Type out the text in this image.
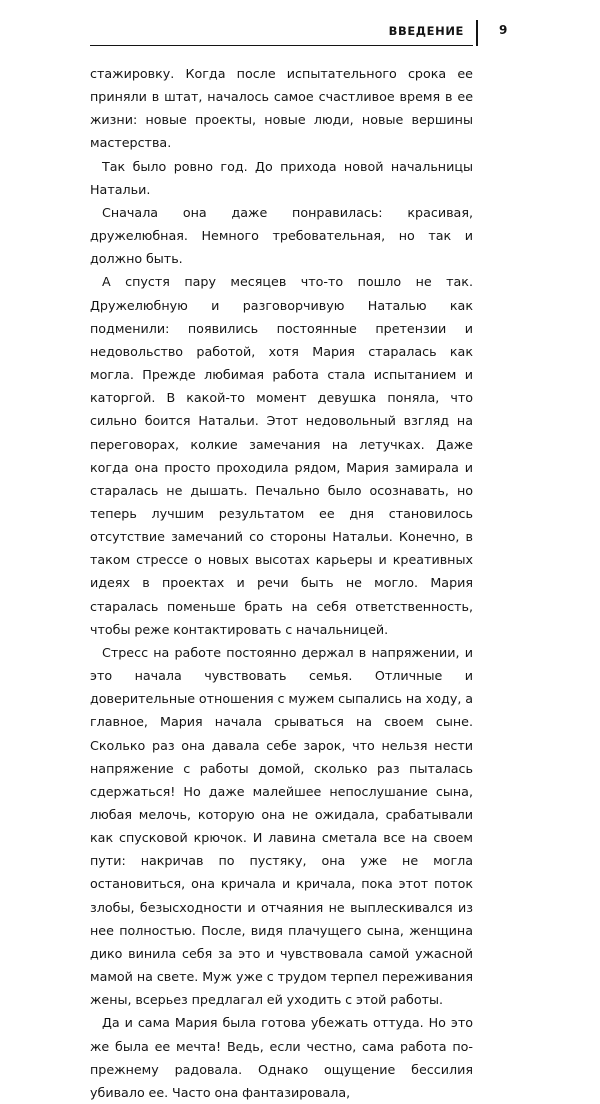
ВВЕДЕНИЕ	9

стажировку. Когда после испытательного срока ее приняли в штат, началось самое счастливое время в ее жизни: новые проекты, новые люди, новые вершины мастерства.

Так было ровно год. До прихода новой начальницы Натальи.

Сначала она даже понравилась: красивая, дружелюбная. Немного требовательная, но так и должно быть.

А спустя пару месяцев что-то пошло не так. Дружелюбную и разговорчивую Наталью как подменили: появились постоянные претензии и недовольство работой, хотя Мария старалась как могла. Прежде любимая работа стала испытанием и каторгой. В какой-то момент девушка поняла, что сильно боится Натальи. Этот недовольный взгляд на переговорах, колкие замечания на летучках. Даже когда она просто проходила рядом, Мария замирала и старалась не дышать. Печально было осознавать, но теперь лучшим результатом ее дня становилось отсутствие замечаний со стороны Натальи. Конечно, в таком стрессе о новых высотах карьеры и креативных идеях в проектах и речи быть не могло. Мария старалась поменьше брать на себя ответственность, чтобы реже контактировать с начальницей.

Стресс на работе постоянно держал в напряжении, и это начала чувствовать семья. Отличные и доверительные отношения с мужем сыпались на ходу, а главное, Мария начала срываться на своем сыне. Сколько раз она давала себе зарок, что нельзя нести напряжение с работы домой, сколько раз пыталась сдержаться! Но даже малейшее непослушание сына, любая мелочь, которую она не ожидала, срабатывали как спусковой крючок. И лавина сметала все на своем пути: накричав по пустяку, она уже не могла остановиться, она кричала и кричала, пока этот поток злобы, безысходности и отчаяния не выплескивался из нее полностью. После, видя плачущего сына, женщина дико винила себя за это и чувствовала самой ужасной мамой на свете. Муж уже с трудом терпел переживания жены, всерьез предлагал ей уходить с этой работы.

Да и сама Мария была готова убежать оттуда. Но это же была ее мечта! Ведь, если честно, сама работа по-прежнему радовала. Однако ощущение бессилия убивало ее. Часто она фантазировала,
